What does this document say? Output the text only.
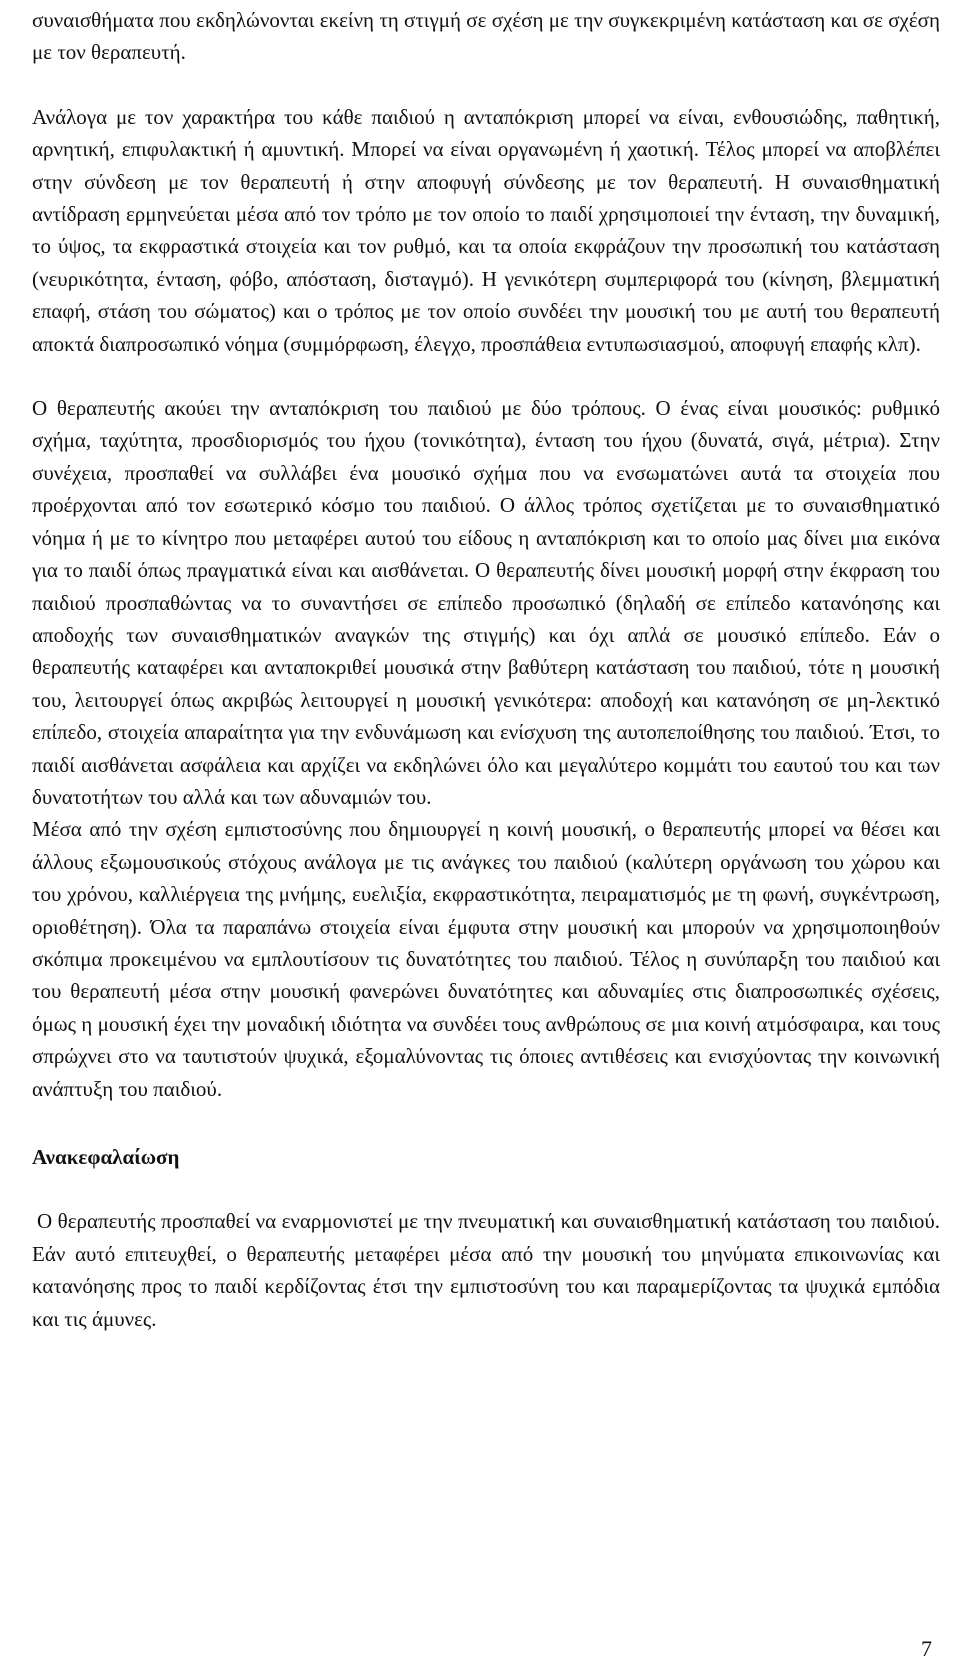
συναισθήματα που εκδηλώνονται εκείνη τη στιγμή σε σχέση με την συγκεκριμένη κατάσταση και σε σχέση με τον θεραπευτή.

Ανάλογα με τον χαρακτήρα του κάθε παιδιού η ανταπόκριση μπορεί να είναι, ενθουσιώδης, παθητική, αρνητική, επιφυλακτική ή αμυντική. Μπορεί να είναι οργανωμένη ή χαοτική. Τέλος μπορεί να αποβλέπει στην σύνδεση με τον θεραπευτή ή στην αποφυγή σύνδεσης με τον θεραπευτή. Η συναισθηματική αντίδραση ερμηνεύεται μέσα από τον τρόπο με τον οποίο το παιδί χρησιμοποιεί την ένταση, την δυναμική, το ύψος, τα εκφραστικά στοιχεία και τον ρυθμό, και τα οποία εκφράζουν την προσωπική του κατάσταση (νευρικότητα, ένταση, φόβο, απόσταση, δισταγμό). Η γενικότερη συμπεριφορά του (κίνηση, βλεμματική επαφή, στάση του σώματος) και ο τρόπος με τον οποίο συνδέει την μουσική του με αυτή του θεραπευτή αποκτά διαπροσωπικό νόημα (συμμόρφωση, έλεγχο, προσπάθεια εντυπωσιασμού, αποφυγή επαφής κλπ).

Ο θεραπευτής ακούει την ανταπόκριση του παιδιού με δύο τρόπους. Ο ένας είναι μουσικός: ρυθμικό σχήμα, ταχύτητα, προσδιορισμός του ήχου (τονικότητα), ένταση του ήχου (δυνατά, σιγά, μέτρια). Στην συνέχεια, προσπαθεί να συλλάβει ένα μουσικό σχήμα που να ενσωματώνει αυτά τα στοιχεία που προέρχονται από τον εσωτερικό κόσμο του παιδιού. Ο άλλος τρόπος σχετίζεται με το συναισθηματικό νόημα ή με το κίνητρο που μεταφέρει αυτού του είδους η ανταπόκριση και το οποίο μας δίνει μια εικόνα για το παιδί όπως πραγματικά είναι και αισθάνεται. Ο θεραπευτής δίνει μουσική μορφή στην έκφραση του παιδιού προσπαθώντας να το συναντήσει σε επίπεδο προσωπικό (δηλαδή σε επίπεδο κατανόησης και αποδοχής των συναισθηματικών αναγκών της στιγμής) και όχι απλά σε μουσικό επίπεδο. Εάν ο θεραπευτής καταφέρει και ανταποκριθεί μουσικά στην βαθύτερη κατάσταση του παιδιού, τότε η μουσική του, λειτουργεί όπως ακριβώς λειτουργεί η μουσική γενικότερα: αποδοχή και κατανόηση σε μη-λεκτικό επίπεδο, στοιχεία απαραίτητα για την ενδυνάμωση και ενίσχυση της αυτοπεποίθησης του παιδιού. Έτσι, το παιδί αισθάνεται ασφάλεια και αρχίζει να εκδηλώνει όλο και μεγαλύτερο κομμάτι του εαυτού του και των δυνατοτήτων του αλλά και των αδυναμιών του.

Μέσα από την σχέση εμπιστοσύνης που δημιουργεί η κοινή μουσική, ο θεραπευτής μπορεί να θέσει και άλλους εξωμουσικούς στόχους ανάλογα με τις ανάγκες του παιδιού (καλύτερη οργάνωση του χώρου και του χρόνου, καλλιέργεια της μνήμης, ευελιξία, εκφραστικότητα, πειραματισμός με τη φωνή, συγκέντρωση, οριοθέτηση). Όλα τα παραπάνω στοιχεία είναι έμφυτα στην μουσική και μπορούν να χρησιμοποιηθούν σκόπιμα προκειμένου να εμπλουτίσουν τις δυνατότητες του παιδιού. Τέλος η συνύπαρξη του παιδιού και του θεραπευτή μέσα στην μουσική φανερώνει δυνατότητες και αδυναμίες στις διαπροσωπικές σχέσεις, όμως η μουσική έχει την μοναδική ιδιότητα να συνδέει τους ανθρώπους σε μια κοινή ατμόσφαιρα, και τους σπρώχνει στο να ταυτιστούν ψυχικά, εξομαλύνοντας τις όποιες αντιθέσεις και ενισχύοντας την κοινωνική ανάπτυξη του παιδιού.

Ανακεφαλαίωση

Ο θεραπευτής προσπαθεί να εναρμονιστεί με την πνευματική και συναισθηματική κατάσταση του παιδιού. Εάν αυτό επιτευχθεί, ο θεραπευτής μεταφέρει μέσα από την μουσική του μηνύματα επικοινωνίας και κατανόησης προς το παιδί κερδίζοντας έτσι την εμπιστοσύνη του και παραμερίζοντας τα ψυχικά εμπόδια και τις άμυνες.

7
